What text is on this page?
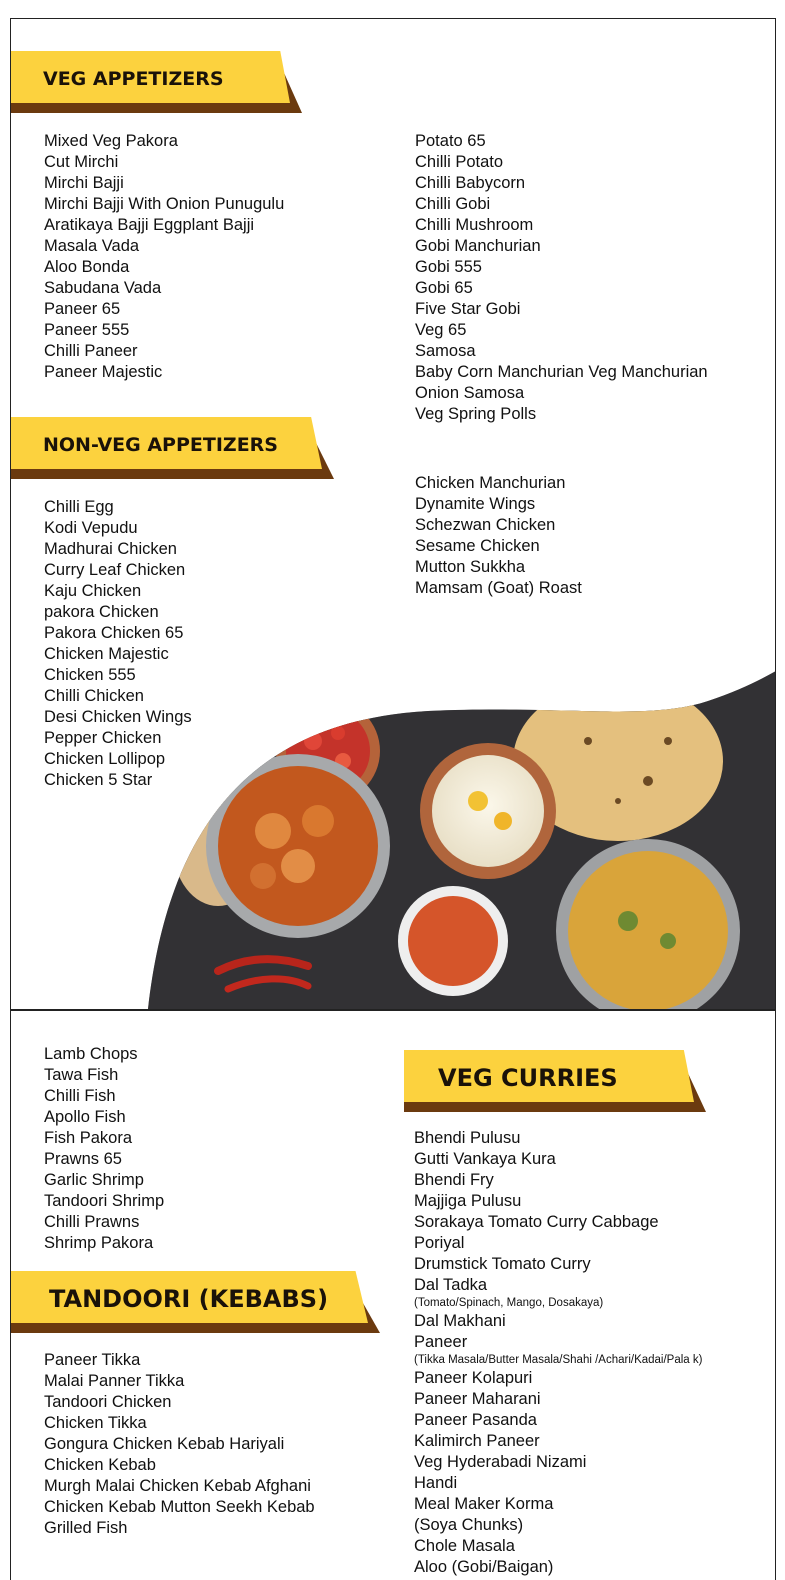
VEG APPETIZERS
Mixed Veg Pakora
Cut Mirchi
Mirchi Bajji
Mirchi Bajji With Onion Punugulu
Aratikaya Bajji Eggplant Bajji
Masala Vada
Aloo Bonda
Sabudana Vada
Paneer 65
Paneer 555
Chilli Paneer
Paneer Majestic
Potato 65
Chilli Potato
Chilli Babycorn
Chilli Gobi
Chilli Mushroom
Gobi Manchurian
Gobi 555
Gobi 65
Five Star Gobi
Veg 65
Samosa
Baby Corn Manchurian Veg Manchurian
Onion Samosa
Veg Spring Polls
NON-VEG APPETIZERS
Chilli Egg
Kodi Vepudu
Madhurai Chicken
Curry Leaf Chicken
Kaju Chicken
pakora Chicken
Pakora Chicken 65
Chicken Majestic
Chicken 555
Chilli Chicken
Desi Chicken Wings
Pepper Chicken
Chicken Lollipop
Chicken 5 Star
Chicken Manchurian
Dynamite Wings
Schezwan Chicken
Sesame Chicken
Mutton Sukkha
Mamsam (Goat) Roast
Lamb Chops
Tawa Fish
Chilli Fish
Apollo Fish
Fish Pakora
Prawns 65
Garlic Shrimp
Tandoori Shrimp
Chilli Prawns
Shrimp Pakora
TANDOORI (KEBABS)
Paneer Tikka
Malai Panner Tikka
Tandoori Chicken
Chicken Tikka
Gongura Chicken Kebab Hariyali
Chicken Kebab
Murgh Malai Chicken Kebab Afghani
Chicken Kebab Mutton Seekh Kebab
Grilled Fish
VEG CURRIES
Bhendi Pulusu
Gutti Vankaya Kura
Bhendi Fry
Majjiga Pulusu
Sorakaya Tomato Curry Cabbage
Poriyal
Drumstick Tomato Curry
Dal Tadka
(Tomato/Spinach, Mango, Dosakaya)
Dal Makhani
Paneer
(Tikka Masala/Butter Masala/Shahi /Achari/Kadai/Pala k)
Paneer Kolapuri
Paneer Maharani
Paneer Pasanda
Kalimirch Paneer
Veg Hyderabadi Nizami
Handi
Meal Maker Korma
(Soya Chunks)
Chole Masala
Aloo (Gobi/Baigan)
